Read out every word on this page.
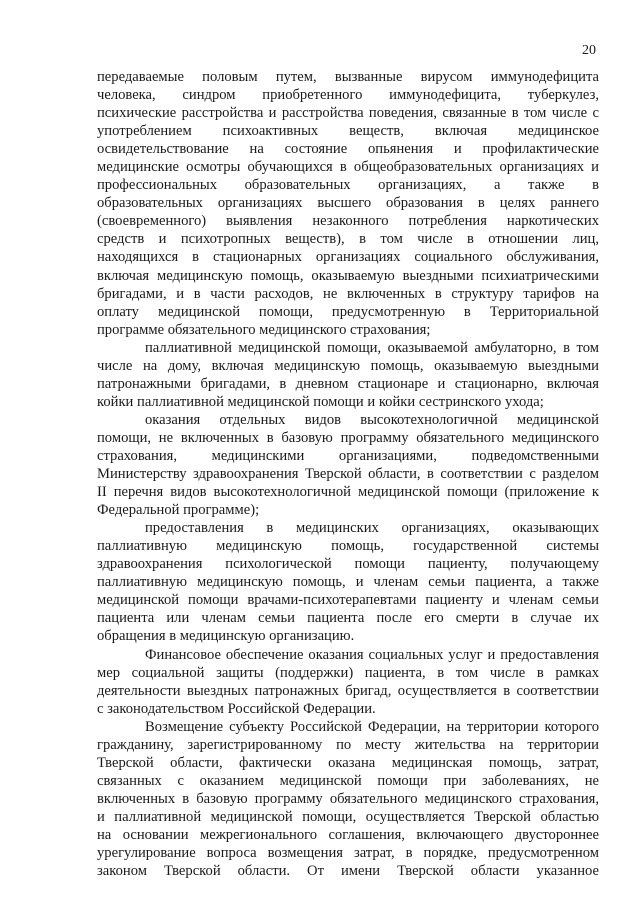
20

передаваемые половым путем, вызванные вирусом иммунодефицита
человека, синдром приобретенного иммунодефицита, туберкулез,
психические расстройства и расстройства поведения, связанные в том числе с
употреблением психоактивных веществ, включая медицинское
освидетельствование на состояние опьянения и профилактические
медицинские осмотры обучающихся в общеобразовательных организациях и
профессиональных образовательных организациях, а также в
образовательных организациях высшего образования в целях раннего
(своевременного) выявления незаконного потребления наркотических
средств и психотропных веществ), в том числе в отношении лиц,
находящихся в стационарных организациях социального обслуживания,
включая медицинскую помощь, оказываемую выездными психиатрическими
бригадами, и в части расходов, не включенных в структуру тарифов на
оплату медицинской помощи, предусмотренную в Территориальной
программе обязательного медицинского страхования;

паллиативной медицинской помощи, оказываемой амбулаторно, в том
числе на дому, включая медицинскую помощь, оказываемую выездными
патронажными бригадами, в дневном стационаре и стационарно, включая
койки паллиативной медицинской помощи и койки сестринского ухода;

оказания отдельных видов высокотехнологичной медицинской
помощи, не включенных в базовую программу обязательного медицинского
страхования, медицинскими организациями, подведомственными
Министерству здравоохранения Тверской области, в соответствии с разделом
II перечня видов высокотехнологичной медицинской помощи (приложение к
Федеральной программе);

предоставления в медицинских организациях, оказывающих
паллиативную медицинскую помощь, государственной системы
здравоохранения психологической помощи пациенту, получающему
паллиативную медицинскую помощь, и членам семьи пациента, а также
медицинской помощи врачами-психотерапевтами пациенту и членам семьи
пациента или членам семьи пациента после его смерти в случае их
обращения в медицинскую организацию.

Финансовое обеспечение оказания социальных услуг и предоставления
мер социальной защиты (поддержки) пациента, в том числе в рамках
деятельности выездных патронажных бригад, осуществляется в соответствии
с законодательством Российской Федерации.

Возмещение субъекту Российской Федерации, на территории которого
гражданину, зарегистрированному по месту жительства на территории
Тверской области, фактически оказана медицинская помощь, затрат,
связанных с оказанием медицинской помощи при заболеваниях, не
включенных в базовую программу обязательного медицинского страхования,
и паллиативной медицинской помощи, осуществляется Тверской областью
на основании межрегионального соглашения, включающего двустороннее
урегулирование вопроса возмещения затрат, в порядке, предусмотренном
законом Тверской области. От имени Тверской области указанное
